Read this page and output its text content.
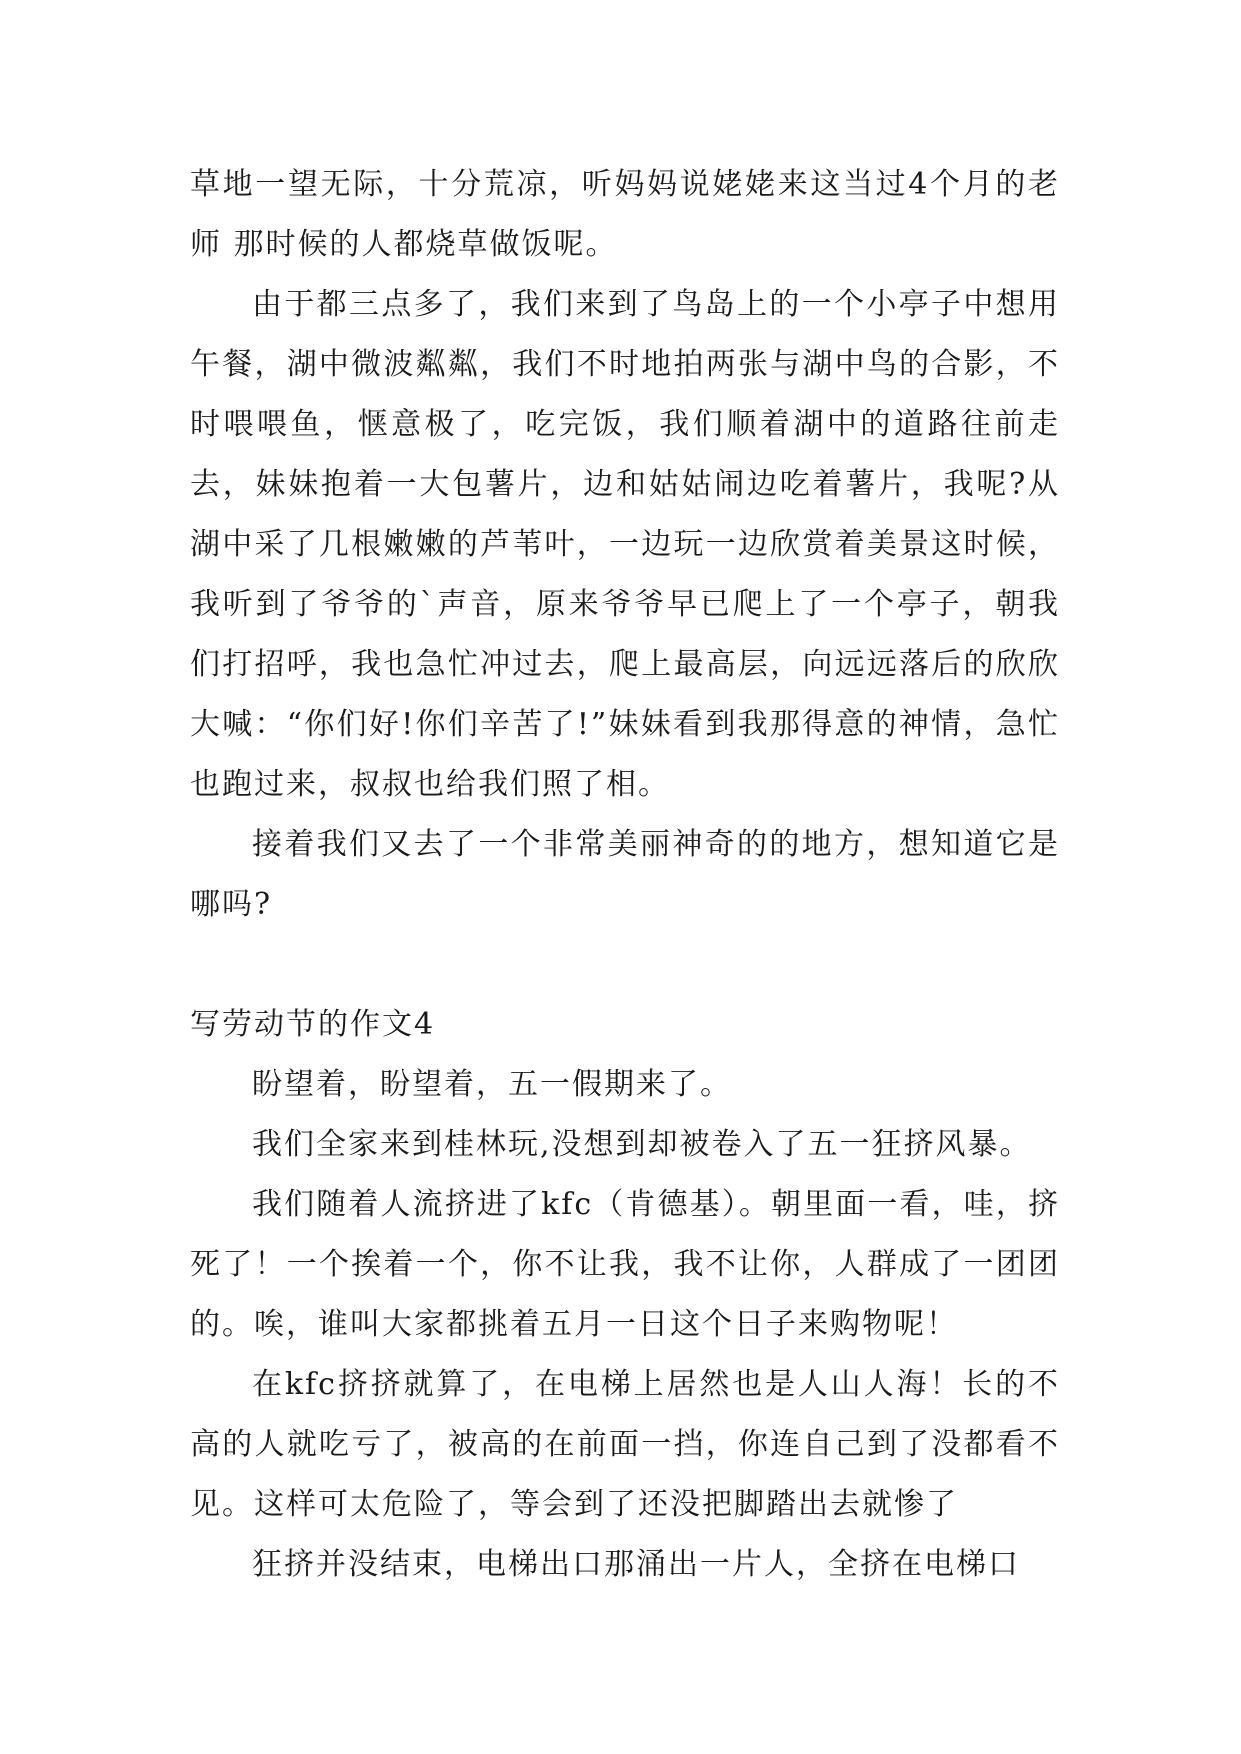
草地一望无际，十分荒凉，听妈妈说姥姥来这当过4个月的老师 那时候的人都烧草做饭呢。

由于都三点多了，我们来到了鸟岛上的一个小亭子中想用午餐，湖中微波粼粼，我们不时地拍两张与湖中鸟的合影，不时喂喂鱼，惬意极了，吃完饭，我们顺着湖中的道路往前走去，妹妹抱着一大包薯片，边和姑姑闹边吃着薯片，我呢?从湖中采了几根嫩嫩的芦苇叶，一边玩一边欣赏着美景这时候，我听到了爷爷的`声音，原来爷爷早已爬上了一个亭子，朝我们打招呼，我也急忙冲过去，爬上最高层，向远远落后的欣欣大喊：“你们好!你们辛苦了!”妹妹看到我那得意的神情，急忙也跑过来，叔叔也给我们照了相。

接着我们又去了一个非常美丽神奇的的地方，想知道它是哪吗?

写劳动节的作文4

盼望着，盼望着，五一假期来了。

我们全家来到桂林玩,没想到却被卷入了五一狂挤风暴。

我们随着人流挤进了kfc（肯德基）。朝里面一看，哇，挤死了！一个挨着一个，你不让我，我不让你，人群成了一团团的。唉，谁叫大家都挑着五月一日这个日子来购物呢！

在kfc挤挤就算了，在电梯上居然也是人山人海！长的不高的人就吃亏了，被高的在前面一挡，你连自己到了没都看不见。这样可太危险了，等会到了还没把脚踏出去就惨了

狂挤并没结束，电梯出口那涌出一片人，全挤在电梯口
